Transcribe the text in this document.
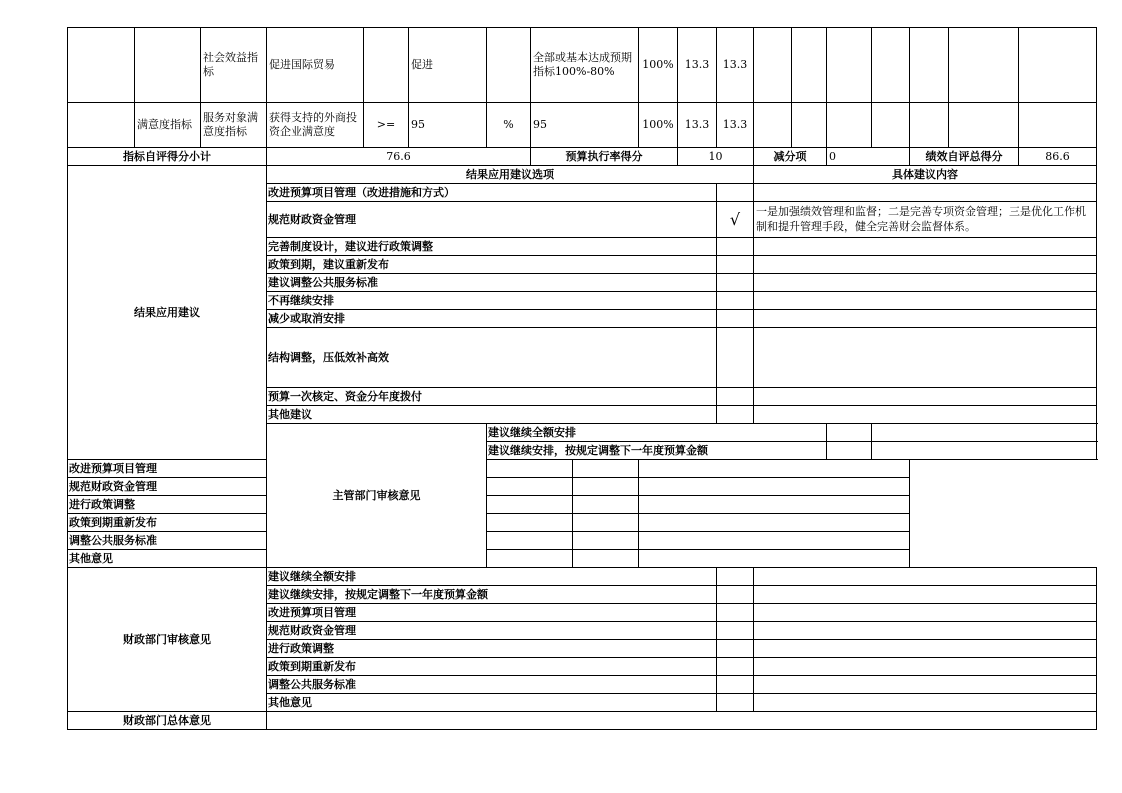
		社会效益指标	促进国际贸易		促进		全部或基本达成预期指标100%-80%		100%	13.3	13.3							
	满意度指标	服务对象满意度指标	获得支持的外商投资企业满意度	>=	95	%	95		100%	13.3	13.3							
指标自评得分小计			76.6				预算执行率得分			10		减分项		0		绩效自评总得分		86.6
结果应用建议			结果应用建议选项									具体建议内容						
			改进预算项目管理（改进措施和方式）															
			规范财政资金管理								√	一是加强绩效管理和监督；二是完善专项资金管理；三是优化工作机制和提升管理手段，健全完善财会监督体系。						
			完善制度设计，建议进行政策调整															
			政策到期，建议重新发布															
			建议调整公共服务标准															
			不再继续安排															
			减少或取消安排															
			结构调整，压低效补高效															
			预算一次核定、资金分年度拨付															
			其他建议															
			主管部门审核意见			建议继续全额安排												
						建议继续安排，按规定调整下一年度预算金额												
改进预算项目管理																		
规范财政资金管理																		
进行政策调整																		
政策到期重新发布																		
调整公共服务标准																		
其他意见																		
财政部门审核意见			建议继续全额安排															
			建议继续安排，按规定调整下一年度预算金额															
			改进预算项目管理															
			规范财政资金管理															
			进行政策调整															
			政策到期重新发布															
			调整公共服务标准															
			其他意见															
财政部门总体意见																		
